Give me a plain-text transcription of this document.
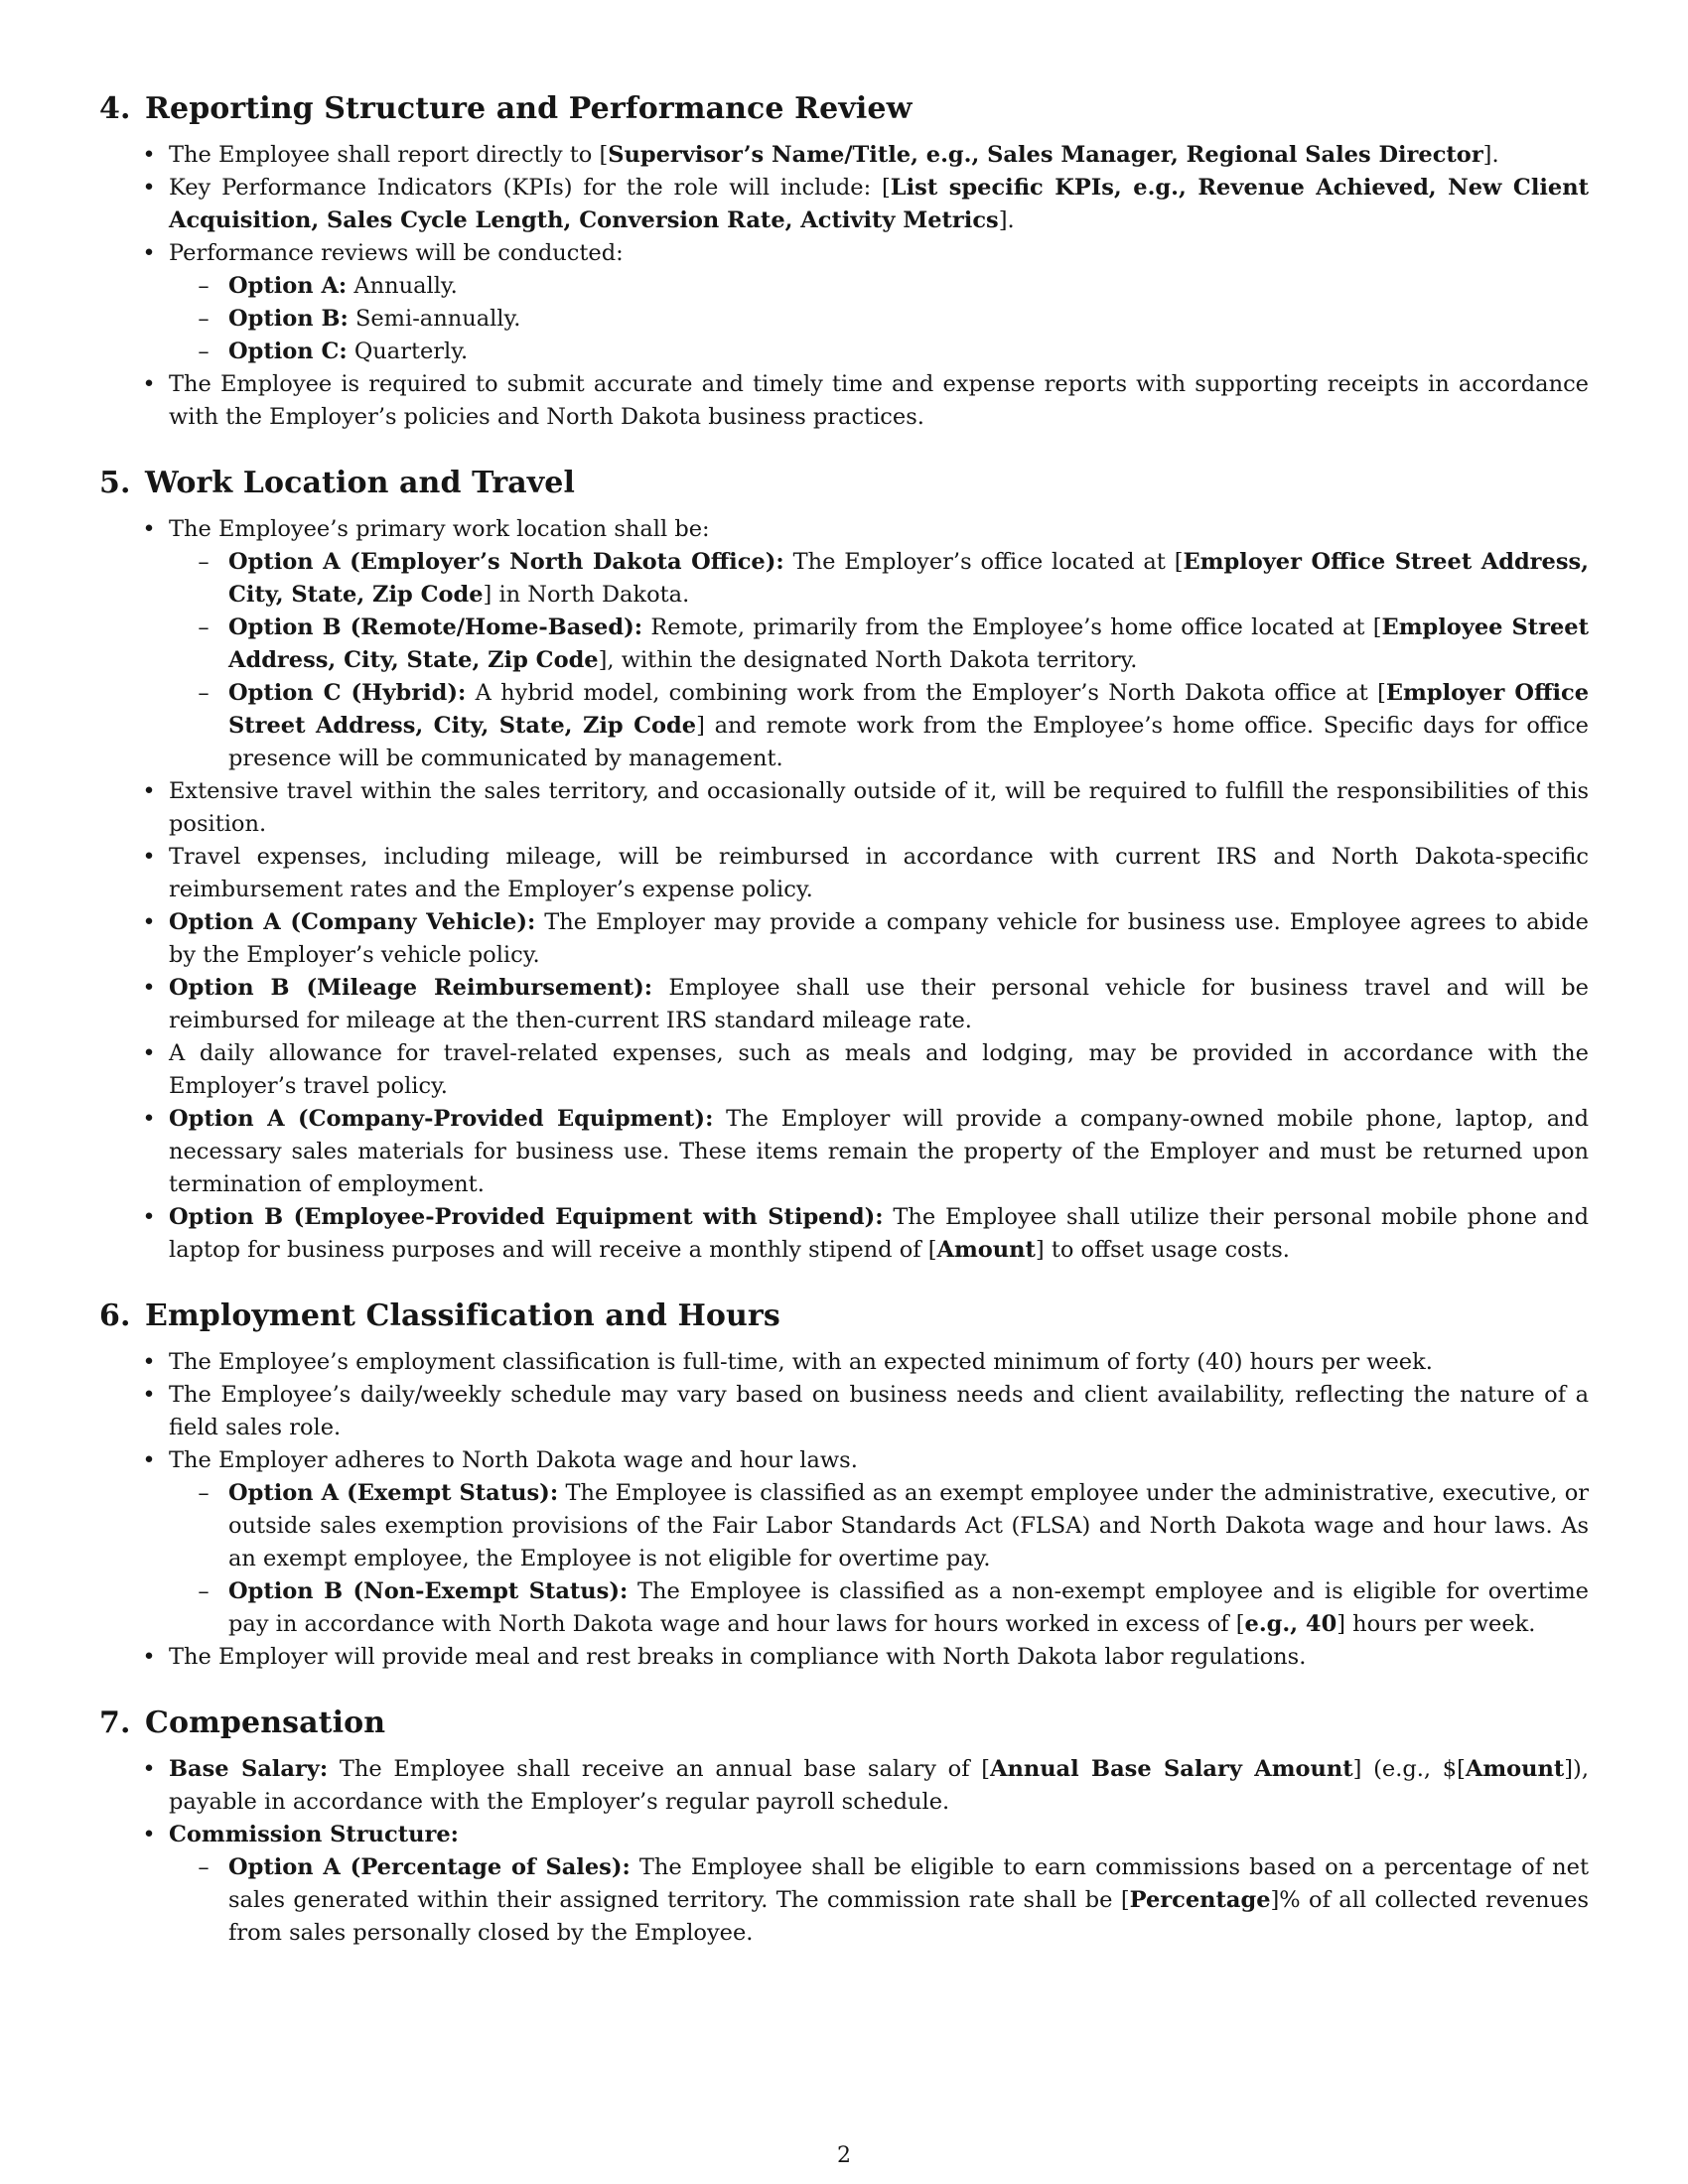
4. Reporting Structure and Performance Review
• The Employee shall report directly to [Supervisor’s Name/Title, e.g., Sales Manager, Regional Sales Director].
• Key Performance Indicators (KPIs) for the role will include: [List specific KPIs, e.g., Revenue Achieved, New Client Acquisition, Sales Cycle Length, Conversion Rate, Activity Metrics].
• Performance reviews will be conducted:
– Option A: Annually.
– Option B: Semi-annually.
– Option C: Quarterly.
• The Employee is required to submit accurate and timely time and expense reports with supporting receipts in accordance with the Employer’s policies and North Dakota business practices.
5. Work Location and Travel
• The Employee’s primary work location shall be:
– Option A (Employer’s North Dakota Office): The Employer’s office located at [Employer Office Street Address, City, State, Zip Code] in North Dakota.
– Option B (Remote/Home-Based): Remote, primarily from the Employee’s home office located at [Employee Street Address, City, State, Zip Code], within the designated North Dakota territory.
– Option C (Hybrid): A hybrid model, combining work from the Employer’s North Dakota office at [Employer Office Street Address, City, State, Zip Code] and remote work from the Employee’s home office. Specific days for office presence will be communicated by management.
• Extensive travel within the sales territory, and occasionally outside of it, will be required to fulfill the responsibilities of this position.
• Travel expenses, including mileage, will be reimbursed in accordance with current IRS and North Dakota-specific reimbursement rates and the Employer’s expense policy.
• Option A (Company Vehicle): The Employer may provide a company vehicle for business use. Employee agrees to abide by the Employer’s vehicle policy.
• Option B (Mileage Reimbursement): Employee shall use their personal vehicle for business travel and will be reimbursed for mileage at the then-current IRS standard mileage rate.
• A daily allowance for travel-related expenses, such as meals and lodging, may be provided in accordance with the Employer’s travel policy.
• Option A (Company-Provided Equipment): The Employer will provide a company-owned mobile phone, laptop, and necessary sales materials for business use. These items remain the property of the Employer and must be returned upon termination of employment.
• Option B (Employee-Provided Equipment with Stipend): The Employee shall utilize their personal mobile phone and laptop for business purposes and will receive a monthly stipend of [Amount] to offset usage costs.
6. Employment Classification and Hours
• The Employee’s employment classification is full-time, with an expected minimum of forty (40) hours per week.
• The Employee’s daily/weekly schedule may vary based on business needs and client availability, reflecting the nature of a field sales role.
• The Employer adheres to North Dakota wage and hour laws.
– Option A (Exempt Status): The Employee is classified as an exempt employee under the administrative, executive, or outside sales exemption provisions of the Fair Labor Standards Act (FLSA) and North Dakota wage and hour laws. As an exempt employee, the Employee is not eligible for overtime pay.
– Option B (Non-Exempt Status): The Employee is classified as a non-exempt employee and is eligible for overtime pay in accordance with North Dakota wage and hour laws for hours worked in excess of [e.g., 40] hours per week.
• The Employer will provide meal and rest breaks in compliance with North Dakota labor regulations.
7. Compensation
• Base Salary: The Employee shall receive an annual base salary of [Annual Base Salary Amount] (e.g., $[Amount]), payable in accordance with the Employer’s regular payroll schedule.
• Commission Structure:
– Option A (Percentage of Sales): The Employee shall be eligible to earn commissions based on a percentage of net sales generated within their assigned territory. The commission rate shall be [Percentage]% of all collected revenues from sales personally closed by the Employee.
2
